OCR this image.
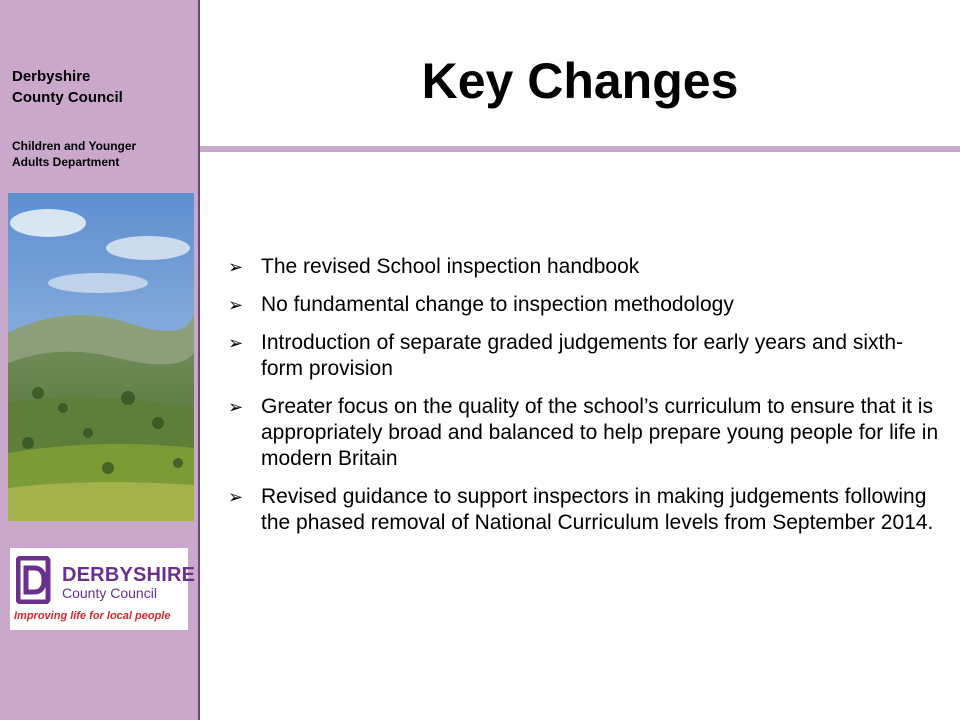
Derbyshire
County Council
Children and Younger
Adults Department
DERBYSHIRE
County Council
Improving life for local people
Key Changes
➢ The revised School inspection handbook
➢ No fundamental change to inspection methodology
➢ Introduction of separate graded judgements for early years and sixth-form provision
➢ Greater focus on the quality of the school’s curriculum to ensure that it is appropriately broad and balanced to help prepare young people for life in modern Britain
➢ Revised guidance to support inspectors in making judgements following the phased removal of National Curriculum levels from September 2014.
